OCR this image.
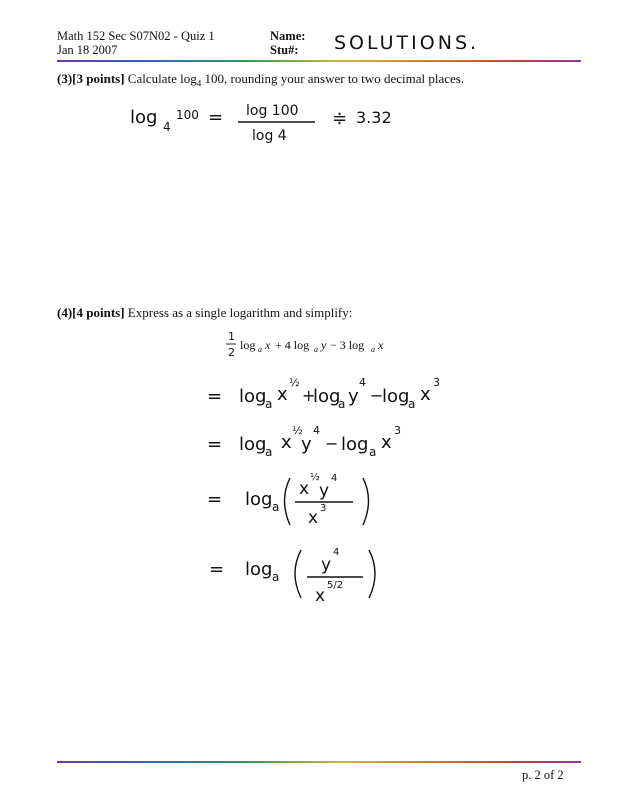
Math 152 Sec S07N02 - Quiz 1
Jan 18 2007
Name:
Stu#: SOLUTIONS.
(3)[3 points] Calculate $\log_4 100$, rounding your answer to two decimal places.
log 4
100 = log 100
log 4
≑ 3.32
(4)[4 points] Express as a single logarithm and simplify:
1
2
log a x + 4 log a y − 3 log a x
= log
a x
½
+
log
a y
4
−
log
a x
3
= log
a x
½
y
4
− log a x
3
= log a
x
½
y
4
x 3
= log a
y
4
x
5/2
p. 2 of 2
